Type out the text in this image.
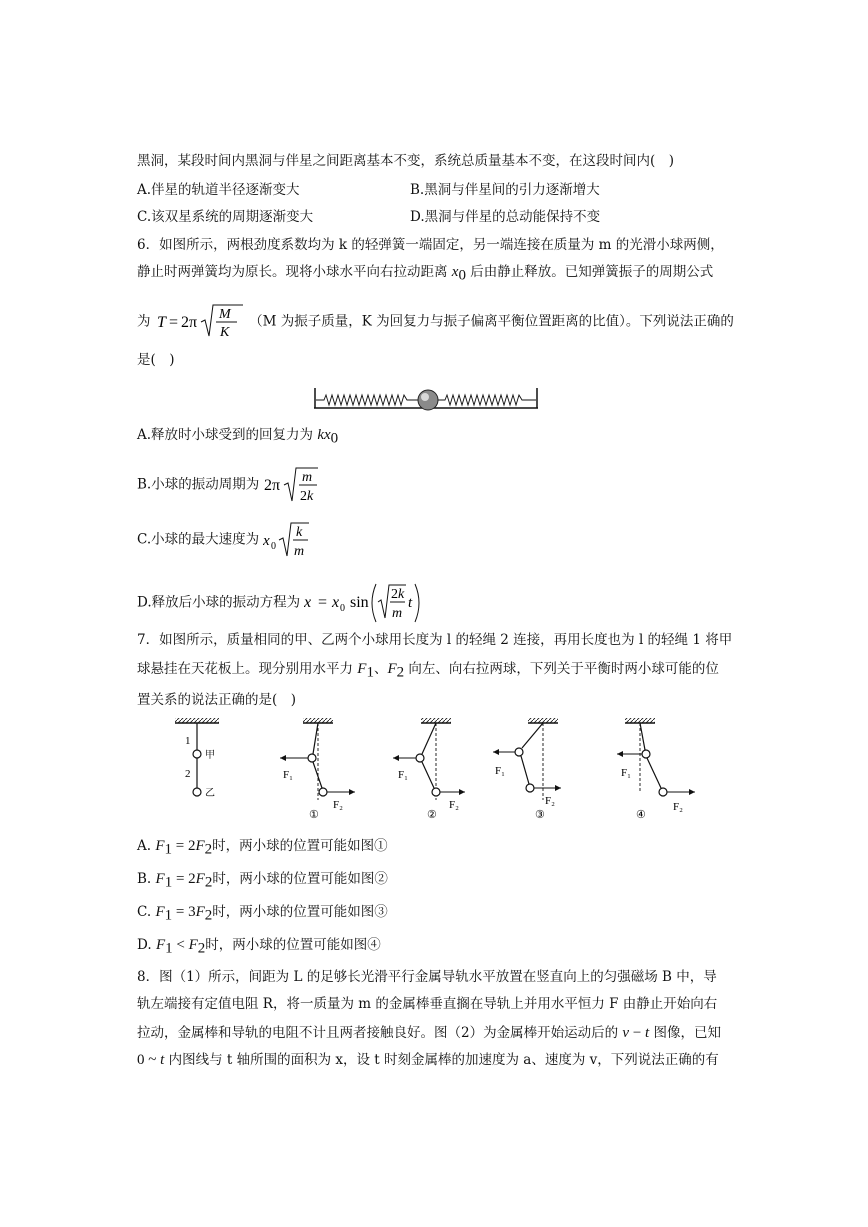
黑洞，某段时间内黑洞与伴星之间距离基本不变，系统总质量基本不变，在这段时间内(　)
A.伴星的轨道半径逐渐变大	B.黑洞与伴星间的引力逐渐增大
C.该双星系统的周期逐渐变大	D.黑洞与伴星的总动能保持不变
6．如图所示，两根劲度系数均为 k 的轻弹簧一端固定，另一端连接在质量为 m 的光滑小球两侧，
静止时两弹簧均为原长。现将小球水平向右拉动距离 $x_0$ 后由静止释放。已知弹簧振子的周期公式
为 T = 2π M
K
（M 为振子质量，K 为回复力与振子偏离平衡位置距离的比值）。下列说法正确的
是(　)
A.释放时小球受到的回复力为 $kx_0$
B.小球的振动周期为 2π m
2k
C.小球的最大速度为 x 0
k
m
D.释放后小球的振动方程为 x = x 0 sin 2k
m
t
7．如图所示，质量相同的甲、乙两个小球用长度为 l 的轻绳 2 连接，再用长度也为 l 的轻绳 1 将甲
球悬挂在天花板上。现分别用水平力 $F_1$、$F_2$ 向左、向右拉两球，下列关于平衡时两小球可能的位
置关系的说法正确的是(　)
1
2
甲
乙
F₁
F₂
①
F₁
F₂
②
F₁
F₂
③
F₁
F₂
④
A. $F_1 = 2F_2$时，两小球的位置可能如图①
B. $F_1 = 2F_2$时，两小球的位置可能如图②
C. $F_1 = 3F_2$时，两小球的位置可能如图③
D. $F_1 < F_2$时，两小球的位置可能如图④
8．图（1）所示，间距为 L 的足够长光滑平行金属导轨水平放置在竖直向上的匀强磁场 B 中，导
轨左端接有定值电阻 R，将一质量为 m 的金属棒垂直搁在导轨上并用水平恒力 F 由静止开始向右
拉动，金属棒和导轨的电阻不计且两者接触良好。图（2）为金属棒开始运动后的 v − t 图像，已知
0 ~ t 内图线与 t 轴所围的面积为 x，设 t 时刻金属棒的加速度为 a、速度为 v，下列说法正确的有
